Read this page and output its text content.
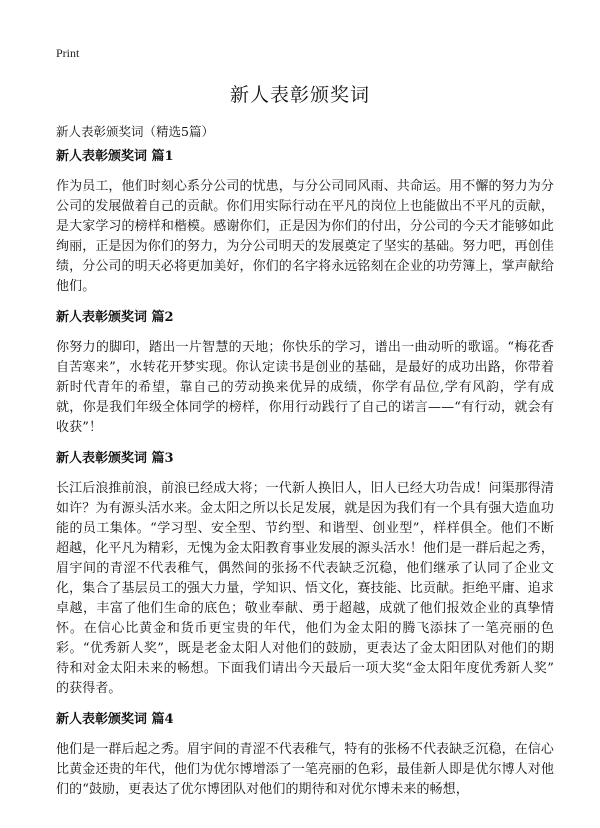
Print
新人表彰颁奖词

新人表彰颁奖词（精选5篇）

新人表彰颁奖词 篇1

作为员工，他们时刻心系分公司的忧患，与分公司同风雨、共命运。用不懈的努力为分公司的发展做着自己的贡献。你们用实际行动在平凡的岗位上也能做出不平凡的贡献，是大家学习的榜样和楷模。感谢你们，正是因为你们的付出，分公司的今天才能够如此绚丽，正是因为你们的努力，为分公司明天的发展奠定了坚实的基础。努力吧，再创佳绩，分公司的明天必将更加美好，你们的名字将永远铭刻在企业的功劳簿上，掌声献给他们。

新人表彰颁奖词 篇2

你努力的脚印，踏出一片智慧的天地；你快乐的学习，谱出一曲动听的歌谣。“梅花香自苦寒来”，水转花开梦实现。你认定读书是创业的基础，是最好的成功出路，你带着新时代青年的希望，靠自己的劳动换来优异的成绩，你学有品位,学有风韵，学有成就，你是我们年级全体同学的榜样，你用行动践行了自己的诺言——“有行动，就会有收获”！

新人表彰颁奖词 篇3

长江后浪推前浪，前浪已经成大将；一代新人换旧人，旧人已经大功告成！问渠那得清如许？为有源头活水来。金太阳之所以长足发展，就是因为我们有一个具有强大造血功能的员工集体。“学习型、安全型、节约型、和谐型、创业型”，样样俱全。他们不断超越，化平凡为精彩，无愧为金太阳教育事业发展的源头活水！他们是一群后起之秀，眉宇间的青涩不代表稚气，偶然间的张扬不代表缺乏沉稳，他们继承了认同了企业文化，集合了基层员工的强大力量，学知识、悟文化，赛技能、比贡献。拒绝平庸、追求卓越，丰富了他们生命的底色；敬业奉献、勇于超越，成就了他们报效企业的真挚情怀。在信心比黄金和货币更宝贵的年代，他们为金太阳的腾飞添抹了一笔亮丽的色彩。“优秀新人奖”，既是老金太阳人对他们的鼓励，更表达了金太阳团队对他们的期待和对金太阳未来的畅想。下面我们请出今天最后一项大奖“金太阳年度优秀新人奖” 的获得者。

新人表彰颁奖词 篇4

他们是一群后起之秀。眉宇间的青涩不代表稚气，特有的张杨不代表缺乏沉稳，在信心比黄金还贵的年代，他们为优尔博增添了一笔亮丽的色彩，最佳新人即是优尔博人对他们的“鼓励，更表达了优尔博团队对他们的期待和对优尔博未来的畅想，
